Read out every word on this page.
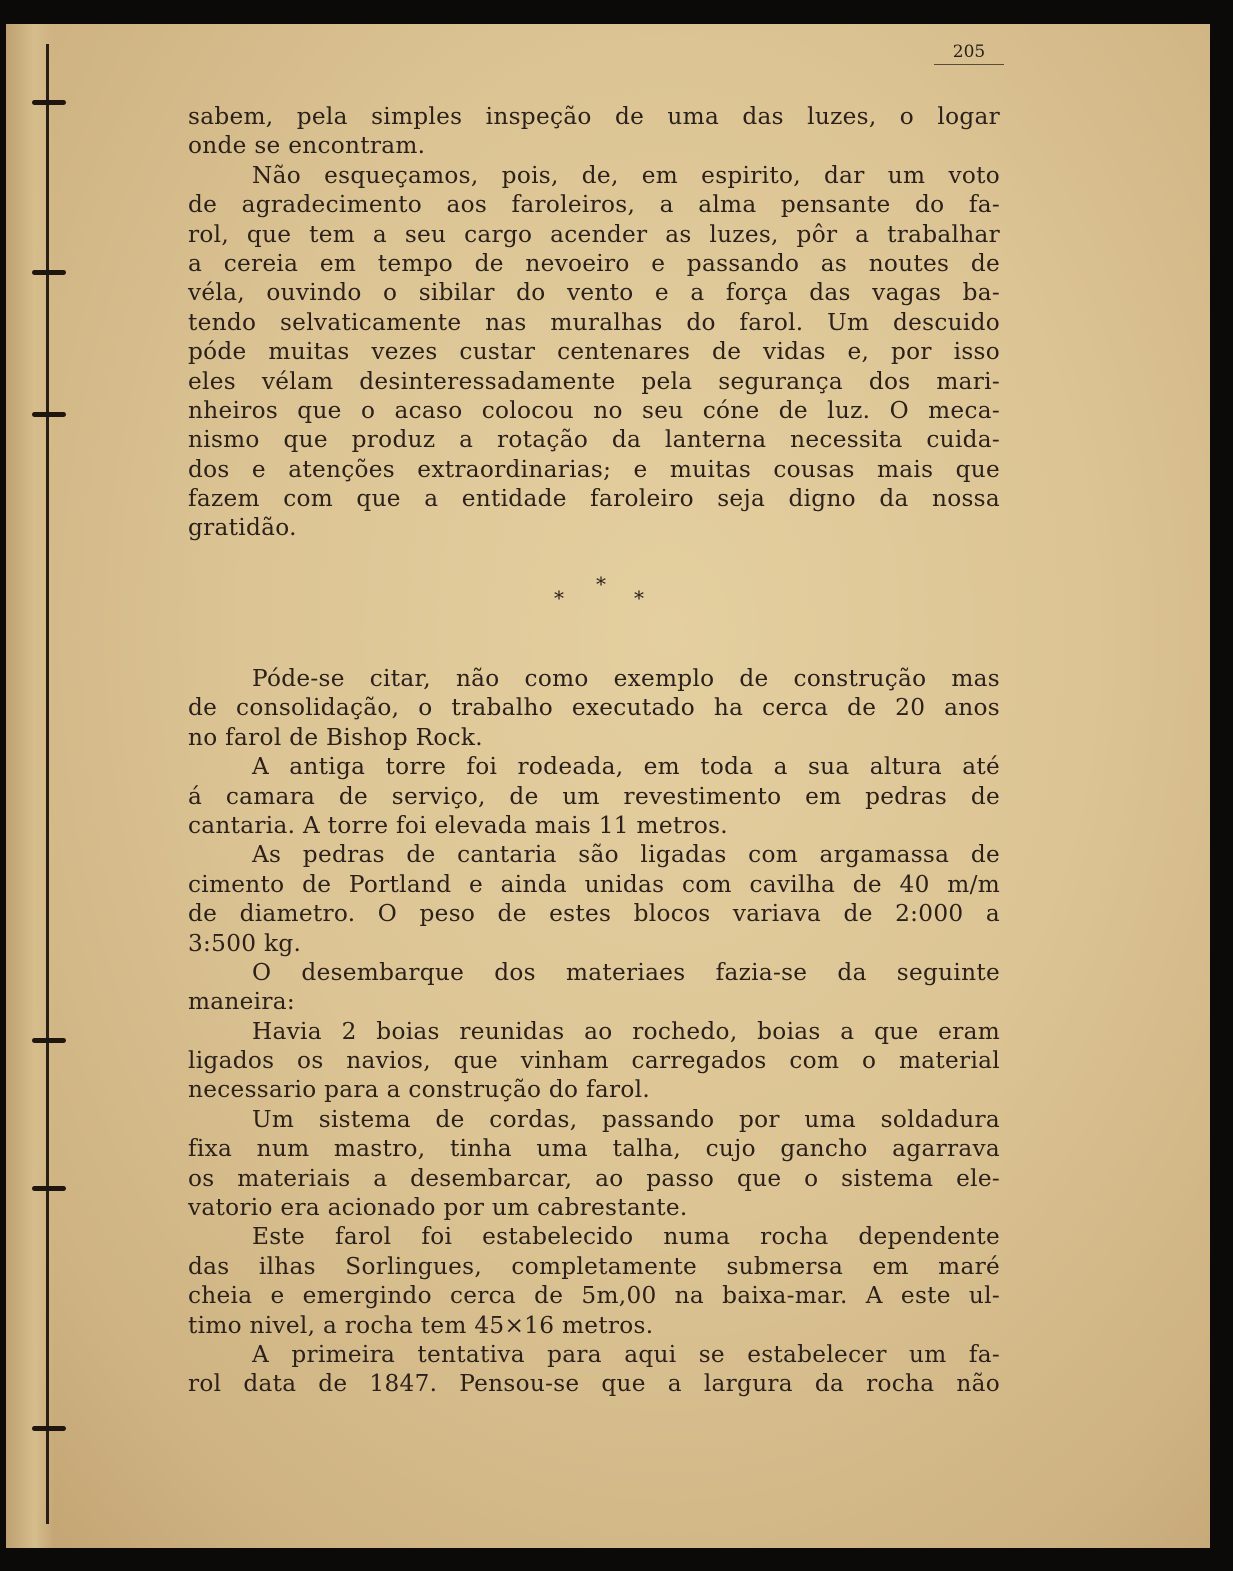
205
sabem, pela simples inspeção de uma das luzes, o logar
onde se encontram.
Não esqueçamos, pois, de, em espirito, dar um voto
de agradecimento aos faroleiros, a alma pensante do fa-
rol, que tem a seu cargo acender as luzes, pôr a trabalhar
a cereia em tempo de nevoeiro e passando as noutes de
véla, ouvindo o sibilar do vento e a força das vagas ba-
tendo selvaticamente nas muralhas do farol. Um descuido
póde muitas vezes custar centenares de vidas e, por isso
eles vélam desinteressadamente pela segurança dos mari-
nheiros que o acaso colocou no seu cóne de luz. O meca-
nismo que produz a rotação da lanterna necessita cuida-
dos e atenções extraordinarias; e muitas cousas mais que
fazem com que a entidade faroleiro seja digno da nossa
gratidão.
*
*	*
Póde-se citar, não como exemplo de construção mas
de consolidação, o trabalho executado ha cerca de 20 anos
no farol de Bishop Rock.
A antiga torre foi rodeada, em toda a sua altura até
á camara de serviço, de um revestimento em pedras de
cantaria. A torre foi elevada mais 11 metros.
As pedras de cantaria são ligadas com argamassa de
cimento de Portland e ainda unidas com cavilha de 40 m/m
de diametro. O peso de estes blocos variava de 2:000 a
3:500 kg.
O desembarque dos materiaes fazia-se da seguinte
maneira:
Havia 2 boias reunidas ao rochedo, boias a que eram
ligados os navios, que vinham carregados com o material
necessario para a construção do farol.
Um sistema de cordas, passando por uma soldadura
fixa num mastro, tinha uma talha, cujo gancho agarrava
os materiais a desembarcar, ao passo que o sistema ele-
vatorio era acionado por um cabrestante.
Este farol foi estabelecido numa rocha dependente
das ilhas Sorlingues, completamente submersa em maré
cheia e emergindo cerca de 5m,00 na baixa-mar. A este ul-
timo nivel, a rocha tem 45×16 metros.
A primeira tentativa para aqui se estabelecer um fa-
rol data de 1847. Pensou-se que a largura da rocha não
